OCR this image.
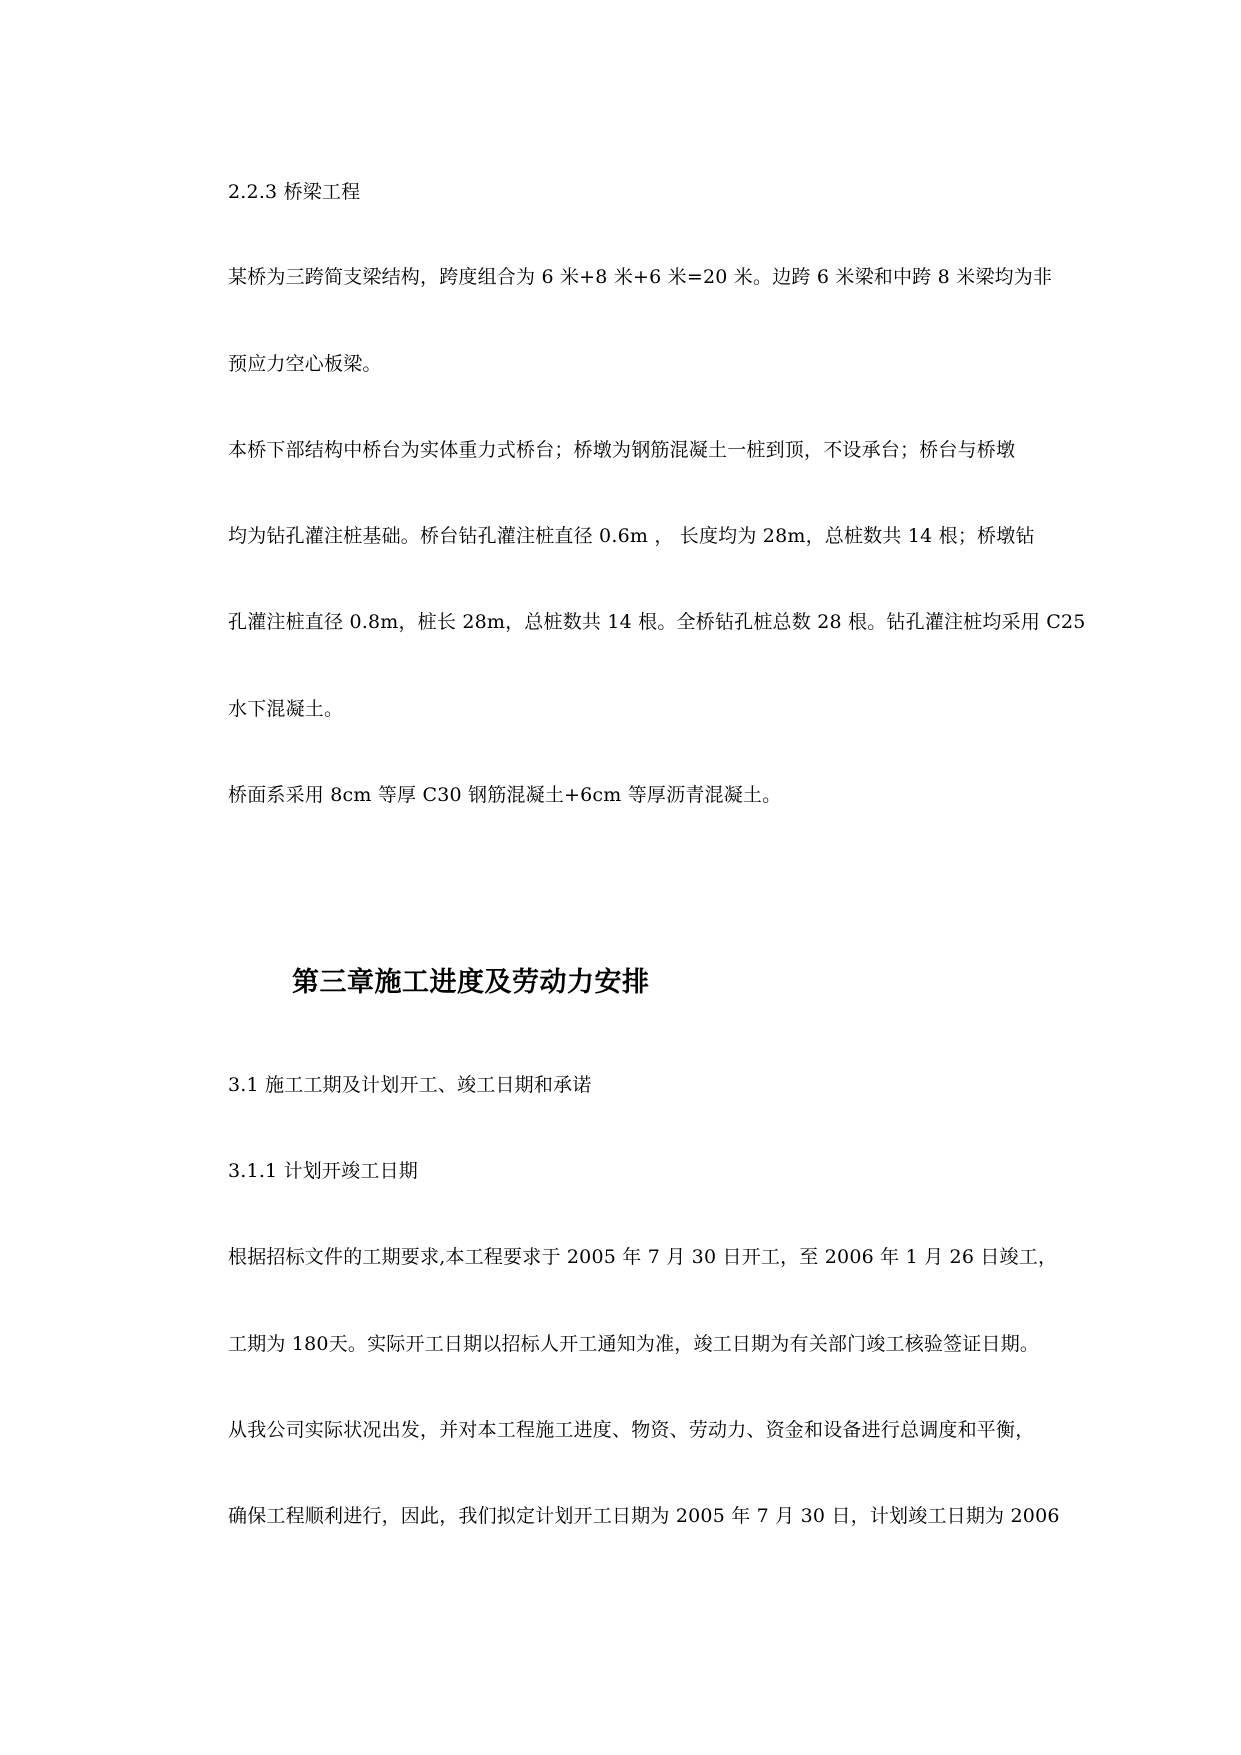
2.2.3 桥梁工程
某桥为三跨简支梁结构，跨度组合为 6 米+8 米+6 米=20 米。边跨 6 米梁和中跨 8 米梁均为非
预应力空心板梁。
本桥下部结构中桥台为实体重力式桥台；桥墩为钢筋混凝土一桩到顶，不设承台；桥台与桥墩
均为钻孔灌注桩基础。桥台钻孔灌注桩直径 0.6m ， 长度均为 28m，总桩数共 14 根；桥墩钻
孔灌注桩直径 0.8m，桩长 28m，总桩数共 14 根。全桥钻孔桩总数 28 根。钻孔灌注桩均采用 C25
水下混凝土。
桥面系采用 8cm 等厚 C30 钢筋混凝土+6cm 等厚沥青混凝土。
第三章施工进度及劳动力安排
3.1 施工工期及计划开工、竣工日期和承诺
3.1.1 计划开竣工日期
根据招标文件的工期要求,本工程要求于 2005 年 7 月 30 日开工，至 2006 年 1 月 26 日竣工，
工期为 180天。实际开工日期以招标人开工通知为准，竣工日期为有关部门竣工核验签证日期。
从我公司实际状况出发，并对本工程施工进度、物资、劳动力、资金和设备进行总调度和平衡，
确保工程顺利进行，因此，我们拟定计划开工日期为 2005 年 7 月 30 日，计划竣工日期为 2006
